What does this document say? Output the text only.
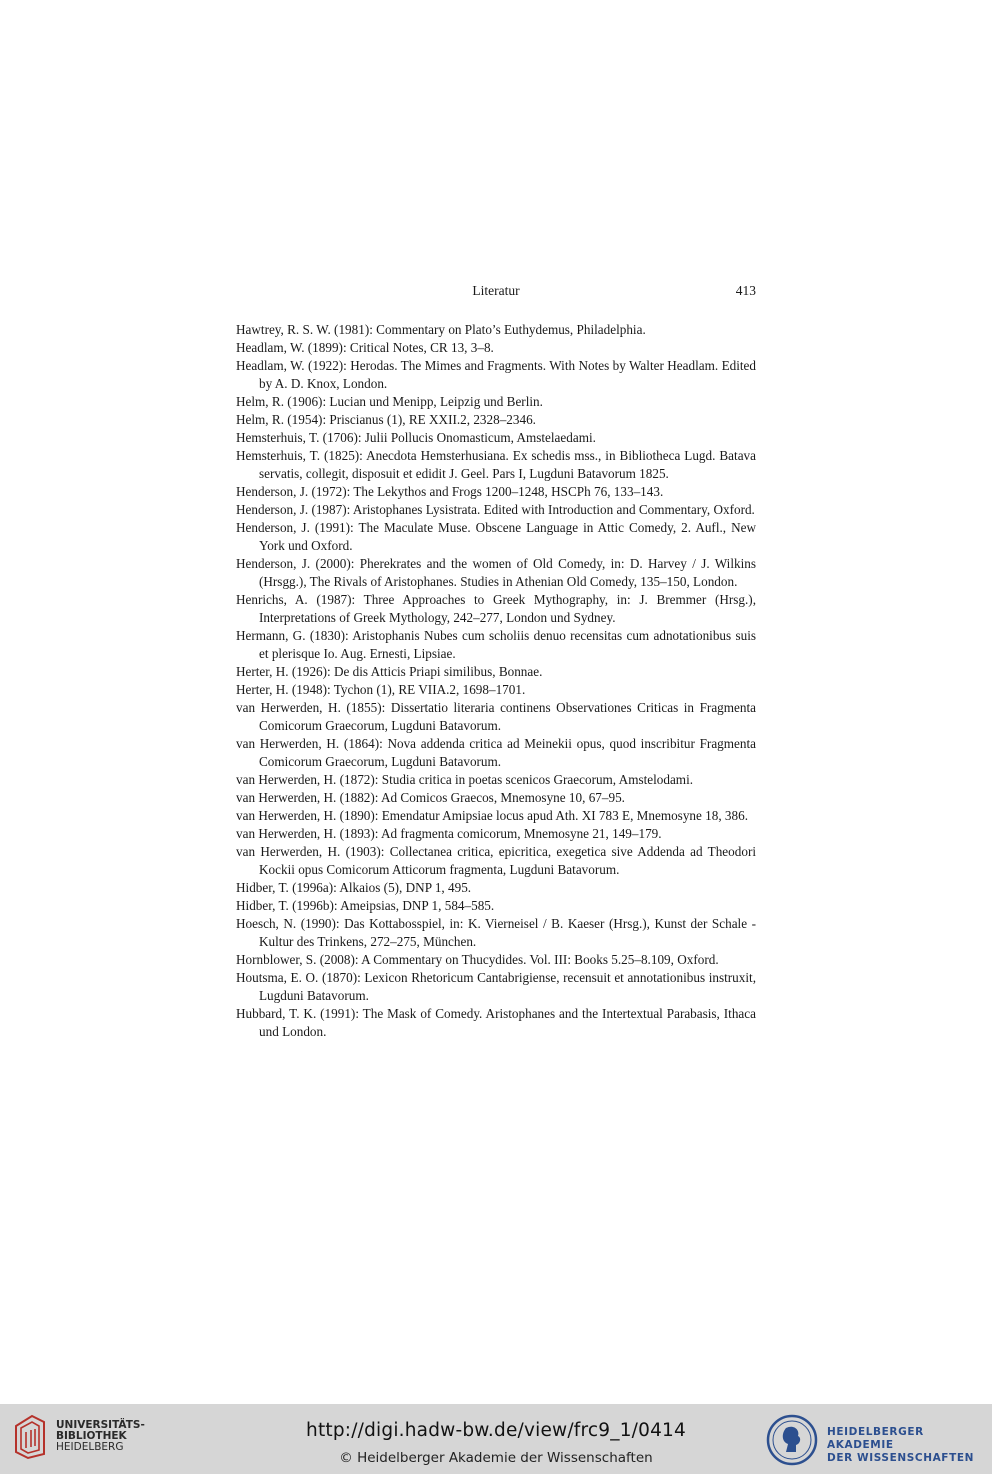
Literatur	413
Hawtrey, R. S. W. (1981): Commentary on Plato’s Euthydemus, Philadelphia.
Headlam, W. (1899): Critical Notes, CR 13, 3–8.
Headlam, W. (1922): Herodas. The Mimes and Fragments. With Notes by Walter Headlam. Edited by A. D. Knox, London.
Helm, R. (1906): Lucian und Menipp, Leipzig und Berlin.
Helm, R. (1954): Priscianus (1), RE XXII.2, 2328–2346.
Hemsterhuis, T. (1706): Julii Pollucis Onomasticum, Amstelaedami.
Hemsterhuis, T. (1825): Anecdota Hemsterhusiana. Ex schedis mss., in Bibliotheca Lugd. Batava servatis, collegit, disposuit et edidit J. Geel. Pars I, Lugduni Batavorum 1825.
Henderson, J. (1972): The Lekythos and Frogs 1200–1248, HSCPh 76, 133–143.
Henderson, J. (1987): Aristophanes Lysistrata. Edited with Introduction and Commentary, Oxford.
Henderson, J. (1991): The Maculate Muse. Obscene Language in Attic Comedy, 2. Aufl., New York und Oxford.
Henderson, J. (2000): Pherekrates and the women of Old Comedy, in: D. Harvey / J. Wilkins (Hrsgg.), The Rivals of Aristophanes. Studies in Athenian Old Comedy, 135–150, London.
Henrichs, A. (1987): Three Approaches to Greek Mythography, in: J. Bremmer (Hrsg.), Interpretations of Greek Mythology, 242–277, London und Sydney.
Hermann, G. (1830): Aristophanis Nubes cum scholiis denuo recensitas cum adnotationibus suis et plerisque Io. Aug. Ernesti, Lipsiae.
Herter, H. (1926): De dis Atticis Priapi similibus, Bonnae.
Herter, H. (1948): Tychon (1), RE VIIA.2, 1698–1701.
van Herwerden, H. (1855): Dissertatio literaria continens Observationes Criticas in Fragmenta Comicorum Graecorum, Lugduni Batavorum.
van Herwerden, H. (1864): Nova addenda critica ad Meinekii opus, quod inscribitur Fragmenta Comicorum Graecorum, Lugduni Batavorum.
van Herwerden, H. (1872): Studia critica in poetas scenicos Graecorum, Amstelodami.
van Herwerden, H. (1882): Ad Comicos Graecos, Mnemosyne 10, 67–95.
van Herwerden, H. (1890): Emendatur Amipsiae locus apud Ath. XI 783 E, Mnemosyne 18, 386.
van Herwerden, H. (1893): Ad fragmenta comicorum, Mnemosyne 21, 149–179.
van Herwerden, H. (1903): Collectanea critica, epicritica, exegetica sive Addenda ad Theodori Kockii opus Comicorum Atticorum fragmenta, Lugduni Batavorum.
Hidber, T. (1996a): Alkaios (5), DNP 1, 495.
Hidber, T. (1996b): Ameipsias, DNP 1, 584–585.
Hoesch, N. (1990): Das Kottabosspiel, in: K. Vierneisel / B. Kaeser (Hrsg.), Kunst der Schale - Kultur des Trinkens, 272–275, München.
Hornblower, S. (2008): A Commentary on Thucydides. Vol. III: Books 5.25–8.109, Oxford.
Houtsma, E. O. (1870): Lexicon Rhetoricum Cantabrigiense, recensuit et annotationibus instruxit, Lugduni Batavorum.
Hubbard, T. K. (1991): The Mask of Comedy. Aristophanes and the Intertextual Parabasis, Ithaca und London.
UNIVERSITÄTS-
BIBLIOTHEK
HEIDELBERG
http://digi.hadw-bw.de/view/frc9_1/0414
© Heidelberger Akademie der Wissenschaften
HEIDELBERGER AKADEMIE
DER WISSENSCHAFTEN
